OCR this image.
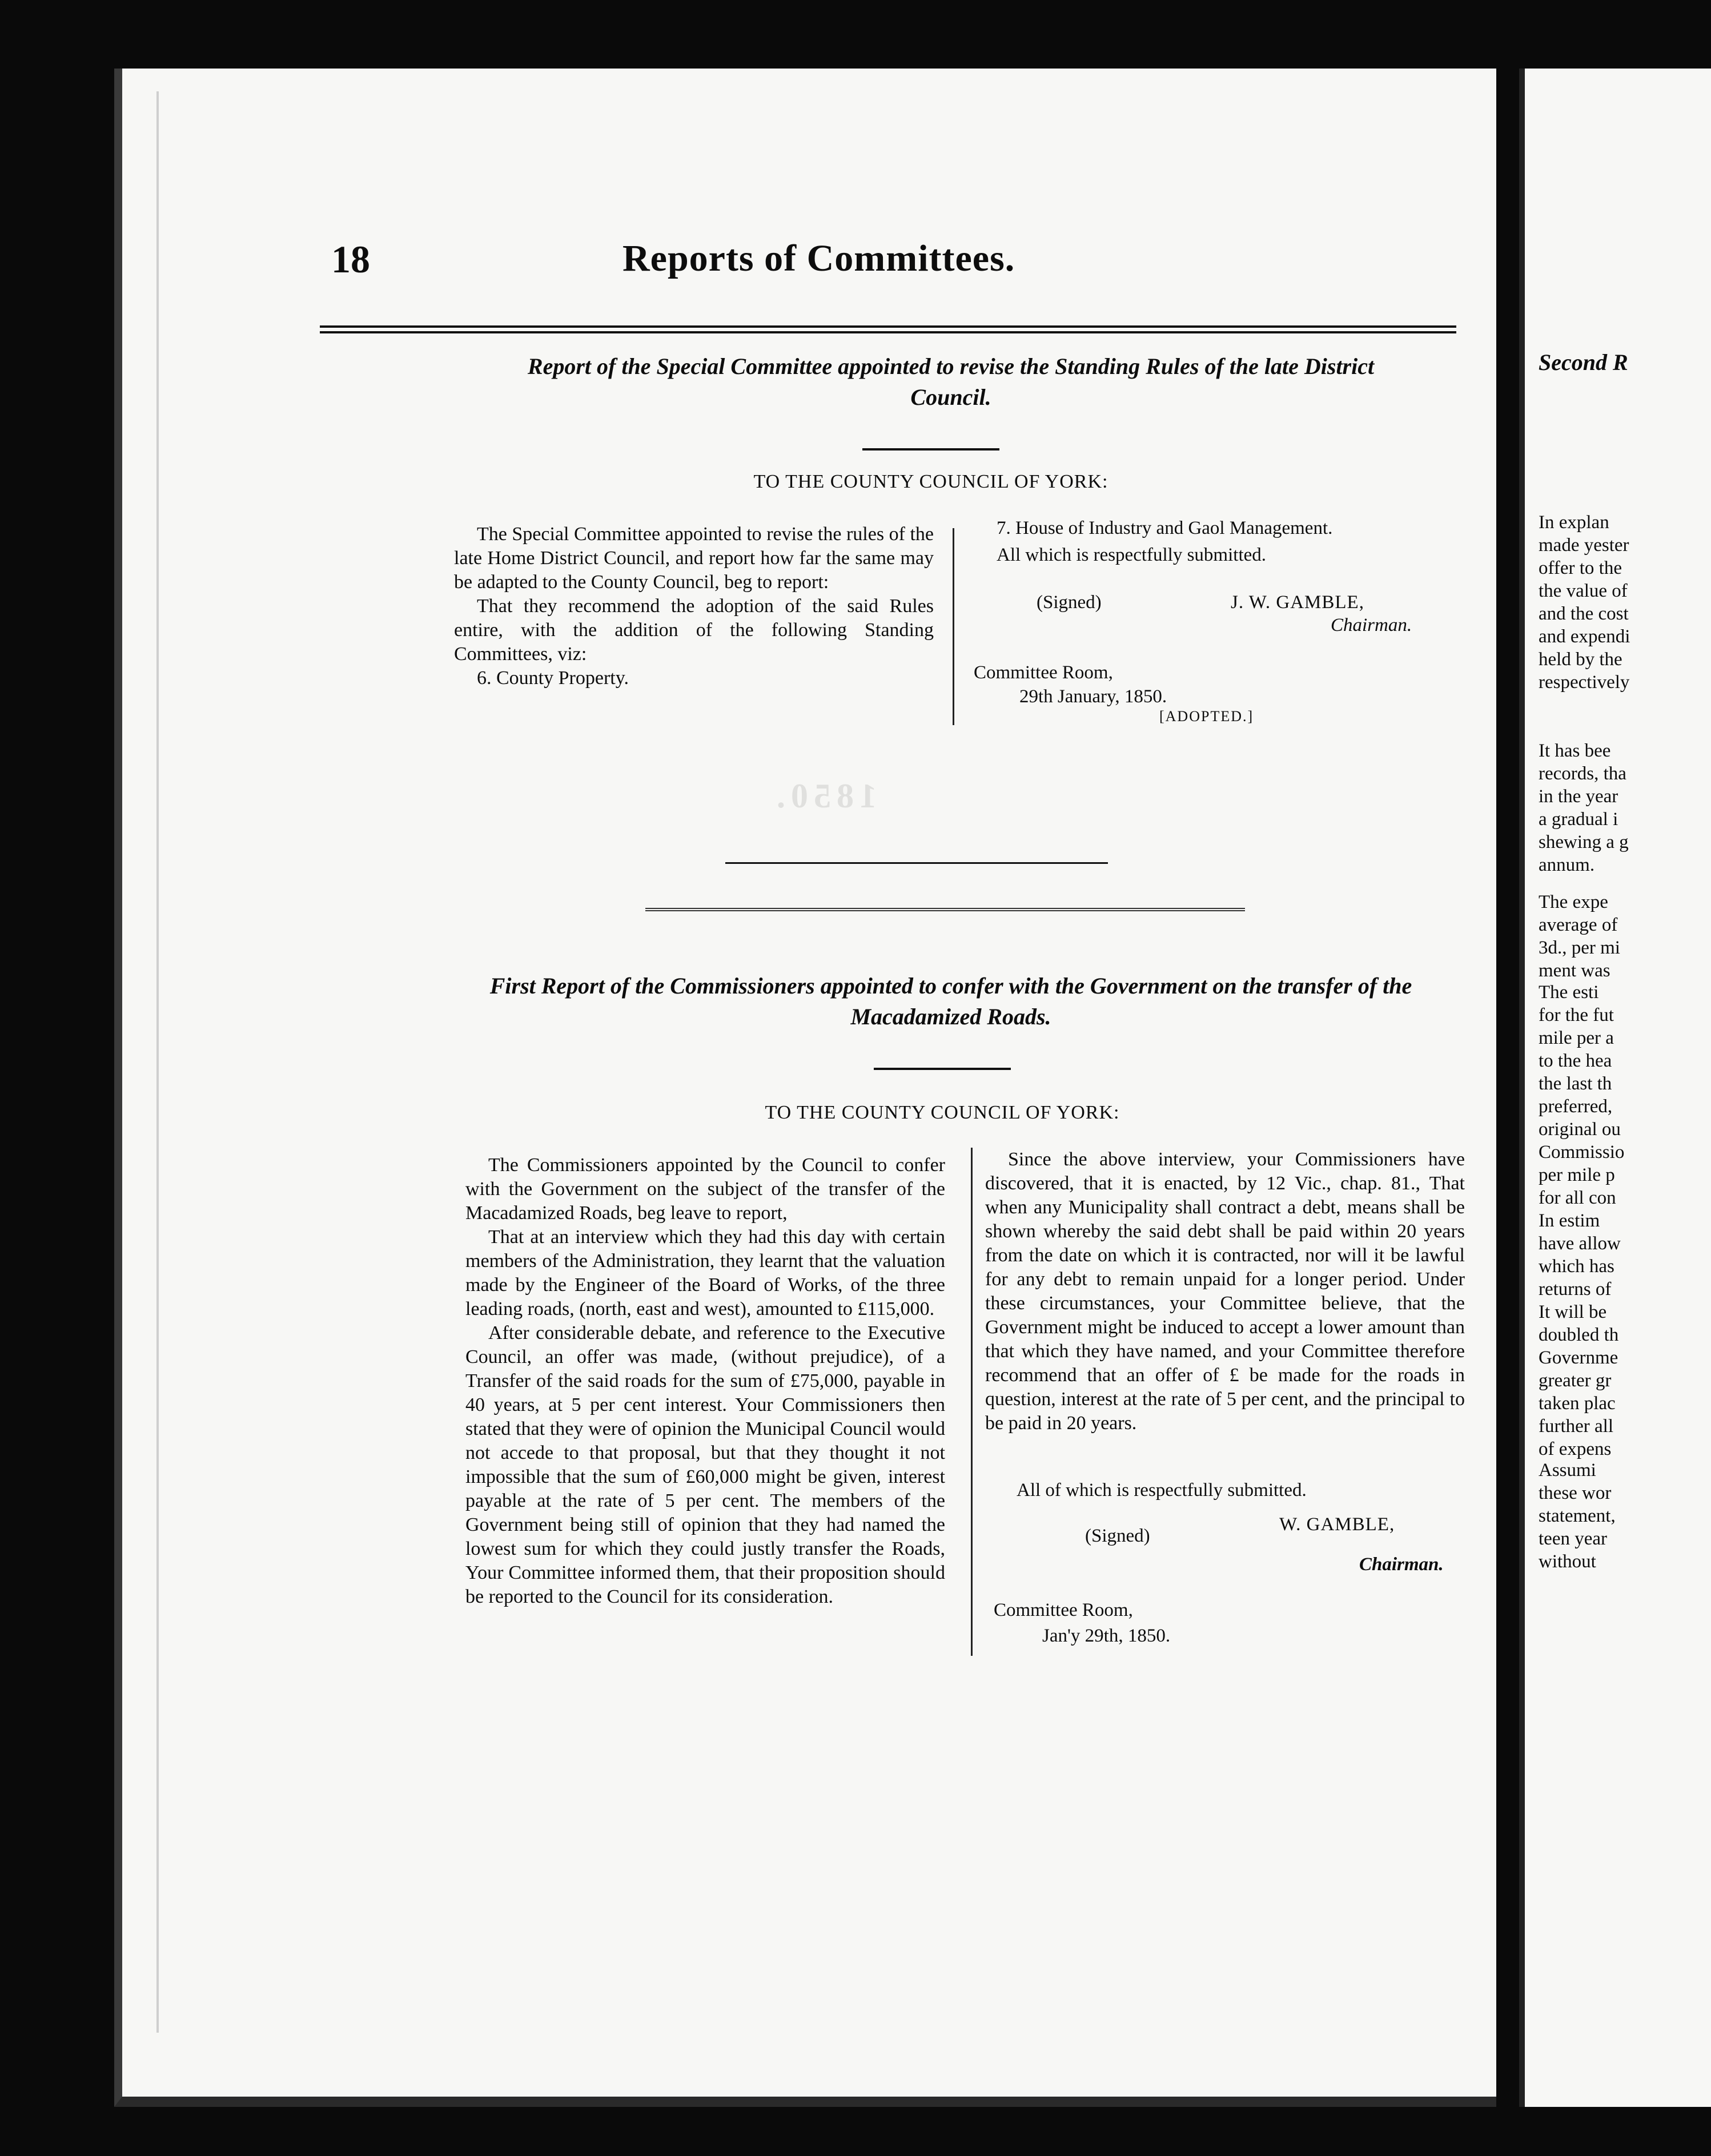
18	Reports of Committees.
Report of the Special Committee appointed to revise the Standing Rules of the late District
Council.
TO THE COUNTY COUNCIL OF YORK:

The Special Committee appointed to revise the rules of the late Home District Council, and report how far the same may be adapted to the County Council, beg to report:

That they recommend the adoption of the said Rules entire, with the addition of the following Standing Committees, viz:

6. County Property.

7. House of Industry and Gaol Management.
All which is respectfully submitted.
(Signed)	J. W. GAMBLE,
Chairman.
Committee Room,
29th January, 1850.
[ADOPTED.]
1850.
First Report of the Commissioners appointed to confer with the Government on the transfer of the
Macadamized Roads.
TO THE COUNTY COUNCIL OF YORK:

The Commissioners appointed by the Council to confer with the Government on the subject of the transfer of the Macadamized Roads, beg leave to report,

That at an interview which they had this day with certain members of the Administration, they learnt that the valuation made by the Engineer of the Board of Works, of the three leading roads, (north, east and west), amounted to £115,000.

After considerable debate, and reference to the Executive Council, an offer was made, (without prejudice), of a Transfer of the said roads for the sum of £75,000, payable in 40 years, at 5 per cent interest. Your Commissioners then stated that they were of opinion the Municipal Council would not accede to that proposal, but that they thought it not impossible that the sum of £60,000 might be given, interest payable at the rate of 5 per cent. The members of the Government being still of opinion that they had named the lowest sum for which they could justly transfer the Roads, Your Committee informed them, that their proposition should be reported to the Council for its consideration.

Since the above interview, your Commissioners have discovered, that it is enacted, by 12 Vic., chap. 81., That when any Municipality shall contract a debt, means shall be shown whereby the said debt shall be paid within 20 years from the date on which it is contracted, nor will it be lawful for any debt to remain unpaid for a longer period. Under these circumstances, your Committee believe, that the Government might be induced to accept a lower amount than that which they have named, and your Committee therefore recommend that an offer of £ be made for the roads in question, interest at the rate of 5 per cent, and the principal to be paid in 20 years.

All of which is respectfully submitted.
(Signed)
W. GAMBLE,
Chairman.
Committee Room,
Jan'y 29th, 1850.
Second R
In explan
made yester
offer to the
the value of
and the cost
and expendi
held by the
respectively
It has bee
records, tha
in the year
a gradual i
shewing a g
annum.
The expe
average of
3d., per mi
ment was
The esti
for the fut
mile per a
to the hea
the last th
preferred,
original ou
Commissio
per mile p
for all con
In estim
have allow
which has
returns of
It will be
doubled th
Governme
greater gr
taken plac
further all
of expens
Assumi
these wor
statement,
teen year
without
